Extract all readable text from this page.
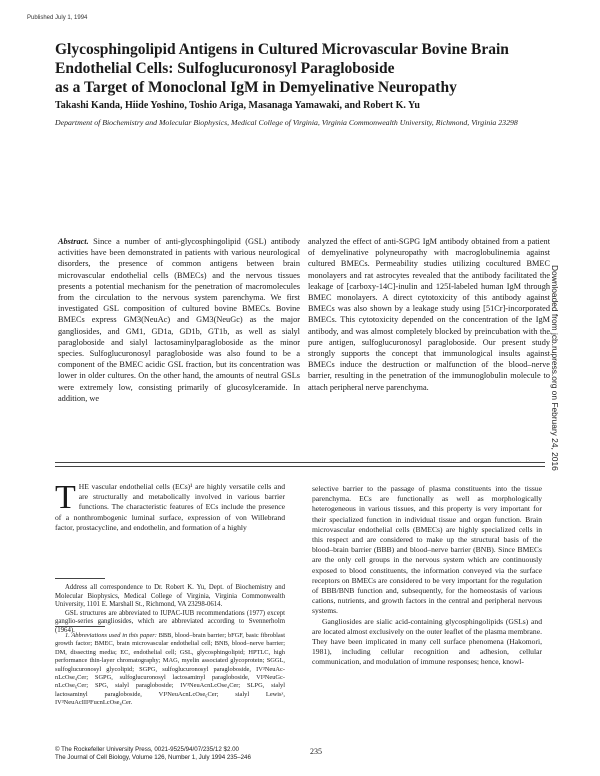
Published July 1, 1994
Glycosphingolipid Antigens in Cultured Microvascular Bovine Brain
Endothelial Cells: Sulfoglucuronosyl Paragloboside
as a Target of Monoclonal IgM in Demyelinative Neuropathy
Takashi Kanda, Hiide Yoshino, Toshio Ariga, Masanaga Yamawaki, and Robert K. Yu
Department of Biochemistry and Molecular Biophysics, Medical College of Virginia, Virginia Commonwealth University, Richmond, Virginia 23298

Abstract. Since a number of anti-glycosphingolipid (GSL) antibody activities have been demonstrated in patients with various neurological disorders, the presence of common antigens between brain microvascular endothelial cells (BMECs) and the nervous tissues presents a potential mechanism for the penetration of macromolecules from the circulation to the nervous system parenchyma. We first investigated GSL composition of cultured bovine BMECs. Bovine BMECs express GM3(NeuAc) and GM3(NeuGc) as the major gangliosides, and GM1, GD1a, GD1b, GT1b, as well as sialyl paragloboside and sialyl lactosaminylparagloboside as the minor species. Sulfoglucuronosyl paragloboside was also found to be a component of the BMEC acidic GSL fraction, but its concentration was lower in older cultures. On the other hand, the amounts of neutral GSLs were extremely low, consisting primarily of glucosylceramide. In addition, we

analyzed the effect of anti-SGPG IgM antibody obtained from a patient of demyelinative polyneuropathy with macroglobulinemia against cultured BMECs. Permeability studies utilizing cocultured BMEC monolayers and rat astrocytes revealed that the antibody facilitated the leakage of [carboxy-14C]-inulin and 125I-labeled human IgM through BMEC monolayers. A direct cytotoxicity of this antibody against BMECs was also shown by a leakage study using [51Cr]-incorporated BMECs. This cytotoxicity depended on the concentration of the IgM antibody, and was almost completely blocked by preincubation with the pure antigen, sulfoglucuronosyl paragloboside. Our present study strongly supports the concept that immunological insults against BMECs induce the destruction or malfunction of the blood–nerve barrier, resulting in the penetration of the immunoglobulin molecule to attach peripheral nerve parenchyma.

THE vascular endothelial cells (ECs)¹ are highly versatile cells and are structurally and metabolically involved in various barrier functions. The characteristic features of ECs include the presence of a nonthrombogenic luminal surface, expression of von Willebrand factor, prostacycline, and endothelin, and formation of a highly

Address all correspondence to Dr. Robert K. Yu, Dept. of Biochemistry and Molecular Biophysics, Medical College of Virginia, Virginia Commonwealth University, 1101 E. Marshall St., Richmond, VA 23298-0614.

GSL structures are abbreviated to IUPAC-IUB recommendations (1977) except ganglio-series gangliosides, which are abbreviated according to Svennerholm (1964).

1. Abbreviations used in this paper: BBB, blood–brain barrier; bFGF, basic fibroblast growth factor; BMEC, brain microvascular endothelial cell; BNB, blood–nerve barrier; DM, dissecting media; EC, endothelial cell; GSL, glycosphingolipid; HPTLC, high performance thin-layer chromatography; MAG, myelin associated glycoprotein; SGGL, sulfoglucuronosyl glycolipid; SGPG, sulfoglucuronosyl paragloboside, IV³NeuAc-nLcOse₄Cer; SGPG, sulfoglucuronosyl lactosaminyl paragloboside, VI³NeuGc-nLcOse₆Cer; SPG, sialyl paragloboside; IV³NeuAcnLcOse₄Cer; SLPG, sialyl lactosaminyl paragloboside, VI³NeuAcnLcOse₆Cer; sialyl Lewisˣ, IV³NeuAcIII³FucnLcOse₄Cer.

selective barrier to the passage of plasma constituents into the tissue parenchyma. ECs are functionally as well as morphologically heterogeneous in various tissues, and this property is very important for their specialized function in individual tissue and organ function. Brain microvascular endothelial cells (BMECs) are highly specialized cells in this respect and are considered to make up the structural basis of the blood–brain barrier (BBB) and blood–nerve barrier (BNB). Since BMECs are the only cell groups in the nervous system which are continuously exposed to blood constituents, the information conveyed via the surface receptors on BMECs are considered to be very important for the regulation of BBB/BNB function and, subsequently, for the homeostasis of various cations, nutrients, and growth factors in the central and peripheral nervous systems.

Gangliosides are sialic acid-containing glycosphingolipids (GSLs) and are located almost exclusively on the outer leaflet of the plasma membrane. They have been implicated in many cell surface phenomena (Hakomori, 1981), including cellular recognition and adhesion, cellular communication, and modulation of immune responses; hence, knowl-

© The Rockefeller University Press, 0021-9525/94/07/235/12 $2.00
The Journal of Cell Biology, Volume 126, Number 1, July 1994 235–246
235
Downloaded from jcb.rupress.org on February 24, 2016
